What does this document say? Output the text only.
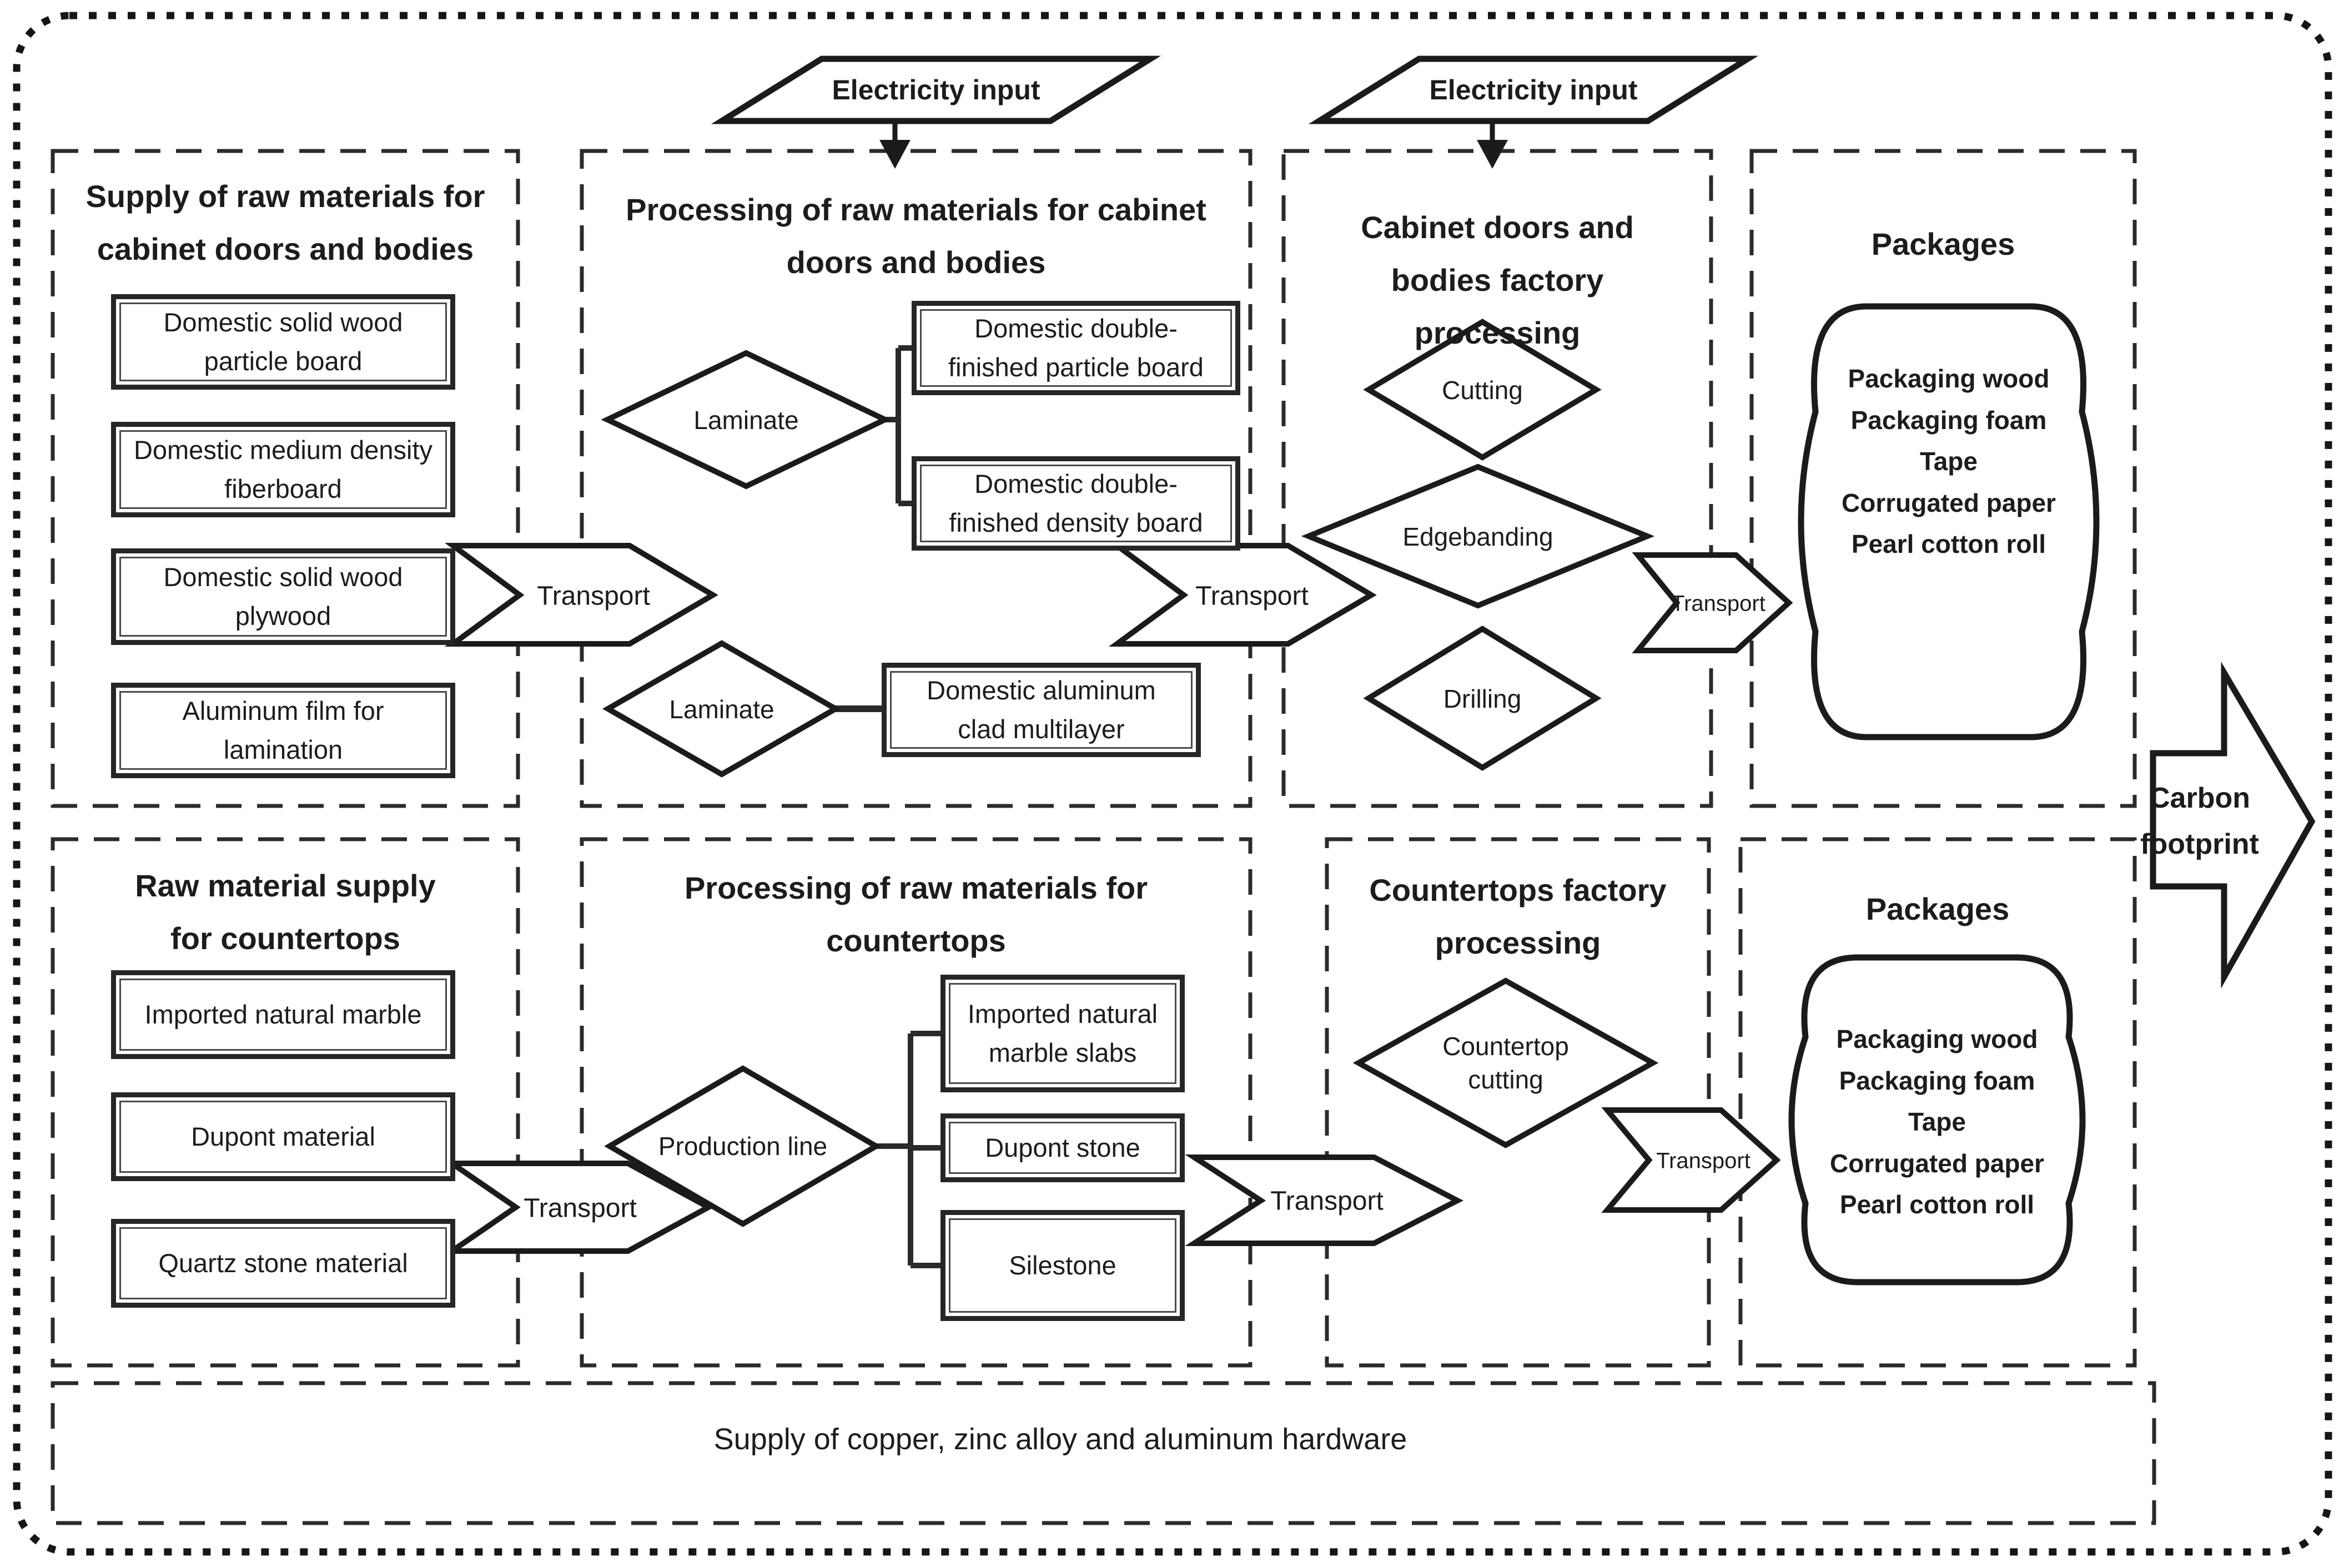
Electricity input	Electricity input
Supply of raw materials for cabinet doors and bodies
Processing of raw materials for cabinet doors and bodies
Cabinet doors and bodies factory processing
Packages
Raw material supply for countertops
Processing of raw materials for countertops
Countertops factory processing
Packages
Domestic solid wood particle board
Domestic medium density fiberboard
Domestic solid wood plywood
Aluminum film for lamination
Domestic double-finished particle board
Domestic double-finished density board
Domestic aluminum clad multilayer
Imported natural marble
Dupont material
Quartz stone material
Imported natural marble slabs
Dupont stone
Silestone
Laminate
Laminate
Cutting
Edgebanding
Drilling
Production line
Countertop cutting
Transport	Transport	Transport
Transport	Transport
Transport
Packaging wood
Packaging foam
Tape
Corrugated paper
Pearl cotton roll
Packaging wood
Packaging foam
Tape
Corrugated paper
Pearl cotton roll
Carbon footprint
Supply of copper, zinc alloy and aluminum hardware
